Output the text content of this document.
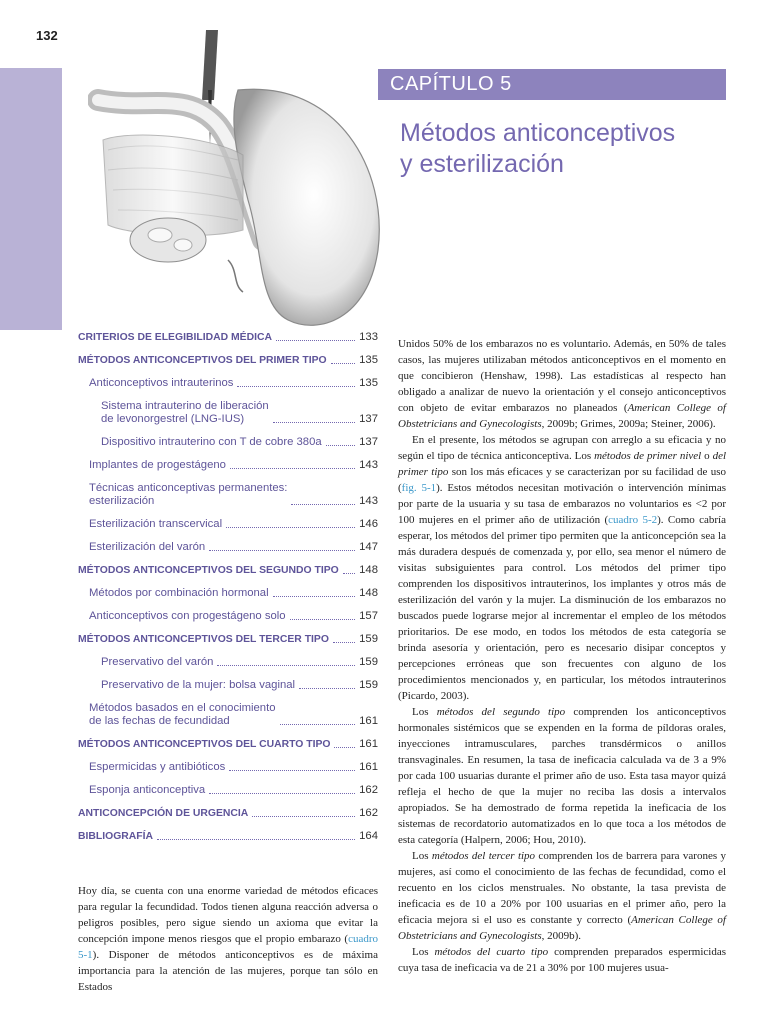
132
CAPÍTULO 5
Métodos anticonceptivos
y esterilización
CRITERIOS DE ELEGIBILIDAD MÉDICA	133
MÉTODOS ANTICONCEPTIVOS DEL PRIMER TIPO	135
Anticonceptivos intrauterinos	135
Sistema intrauterino de liberación
de levonorgestrel (LNG-IUS)	137
Dispositivo intrauterino con T de cobre 380a	137
Implantes de progestágeno	143
Técnicas anticonceptivas permanentes:
esterilización	143
Esterilización transcervical	146
Esterilización del varón	147
MÉTODOS ANTICONCEPTIVOS DEL SEGUNDO TIPO 148
Métodos por combinación hormonal	148
Anticonceptivos con progestágeno solo	157
MÉTODOS ANTICONCEPTIVOS DEL TERCER TIPO	159
Preservativo del varón	159
Preservativo de la mujer: bolsa vaginal	159
Métodos basados en el conocimiento
de las fechas de fecundidad	161
MÉTODOS ANTICONCEPTIVOS DEL CUARTO TIPO	161
Espermicidas y antibióticos	161
Esponja anticonceptiva	162
ANTICONCEPCIÓN DE URGENCIA	162
BIBLIOGRAFÍA	164

Hoy día, se cuenta con una enorme variedad de métodos eficaces para regular la fecundidad. Todos tienen alguna reacción adversa o peligros posibles, pero sigue siendo un axioma que evitar la concepción impone menos riesgos que el propio embarazo (cuadro 5-1). Disponer de métodos anticonceptivos es de máxima importancia para la atención de las mujeres, porque tan sólo en Estados

Unidos 50% de los embarazos no es voluntario. Además, en 50% de tales casos, las mujeres utilizaban métodos anticonceptivos en el momento en que concibieron (Henshaw, 1998). Las estadísticas al respecto han obligado a analizar de nuevo la orientación y el consejo anticonceptivos con objeto de evitar embarazos no planeados (American College of Obstetricians and Gynecologists, 2009b; Grimes, 2009a; Steiner, 2006).

En el presente, los métodos se agrupan con arreglo a su eficacia y no según el tipo de técnica anticonceptiva. Los métodos de primer nivel o del primer tipo son los más eficaces y se caracterizan por su facilidad de uso (fig. 5-1). Estos métodos necesitan motivación o intervención mínimas por parte de la usuaria y su tasa de embarazos no voluntarios es <2 por 100 mujeres en el primer año de utilización (cuadro 5-2). Como cabría esperar, los métodos del primer tipo permiten que la anticoncepción sea la más duradera después de comenzada y, por ello, sea menor el número de visitas subsiguientes para control. Los métodos del primer tipo comprenden los dispositivos intrauterinos, los implantes y otros más de esterilización del varón y la mujer. La disminución de los embarazos no buscados puede lograrse mejor al incrementar el empleo de los métodos prioritarios. De ese modo, en todos los métodos de esta categoría se brinda asesoría y orientación, pero es necesario disipar conceptos y percepciones erróneas que son frecuentes con alguno de los procedimientos mencionados y, en particular, los métodos intrauterinos (Picardo, 2003).

Los métodos del segundo tipo comprenden los anticonceptivos hormonales sistémicos que se expenden en la forma de píldoras orales, inyecciones intramusculares, parches transdérmicos o anillos transvaginales. En resumen, la tasa de ineficacia calculada va de 3 a 9% por cada 100 usuarias durante el primer año de uso. Esta tasa mayor quizá refleja el hecho de que la mujer no reciba las dosis a intervalos apropiados. Se ha demostrado de forma repetida la ineficacia de los sistemas de recordatorio automatizados en lo que toca a los métodos de esta categoría (Halpern, 2006; Hou, 2010).

Los métodos del tercer tipo comprenden los de barrera para varones y mujeres, así como el conocimiento de las fechas de fecundidad, como el recuento en los ciclos menstruales. No obstante, la tasa prevista de ineficacia es de 10 a 20% por 100 usuarias en el primer año, pero la eficacia mejora si el uso es constante y correcto (American College of Obstetricians and Gynecologists, 2009b).

Los métodos del cuarto tipo comprenden preparados espermicidas cuya tasa de ineficacia va de 21 a 30% por 100 mujeres usua-
